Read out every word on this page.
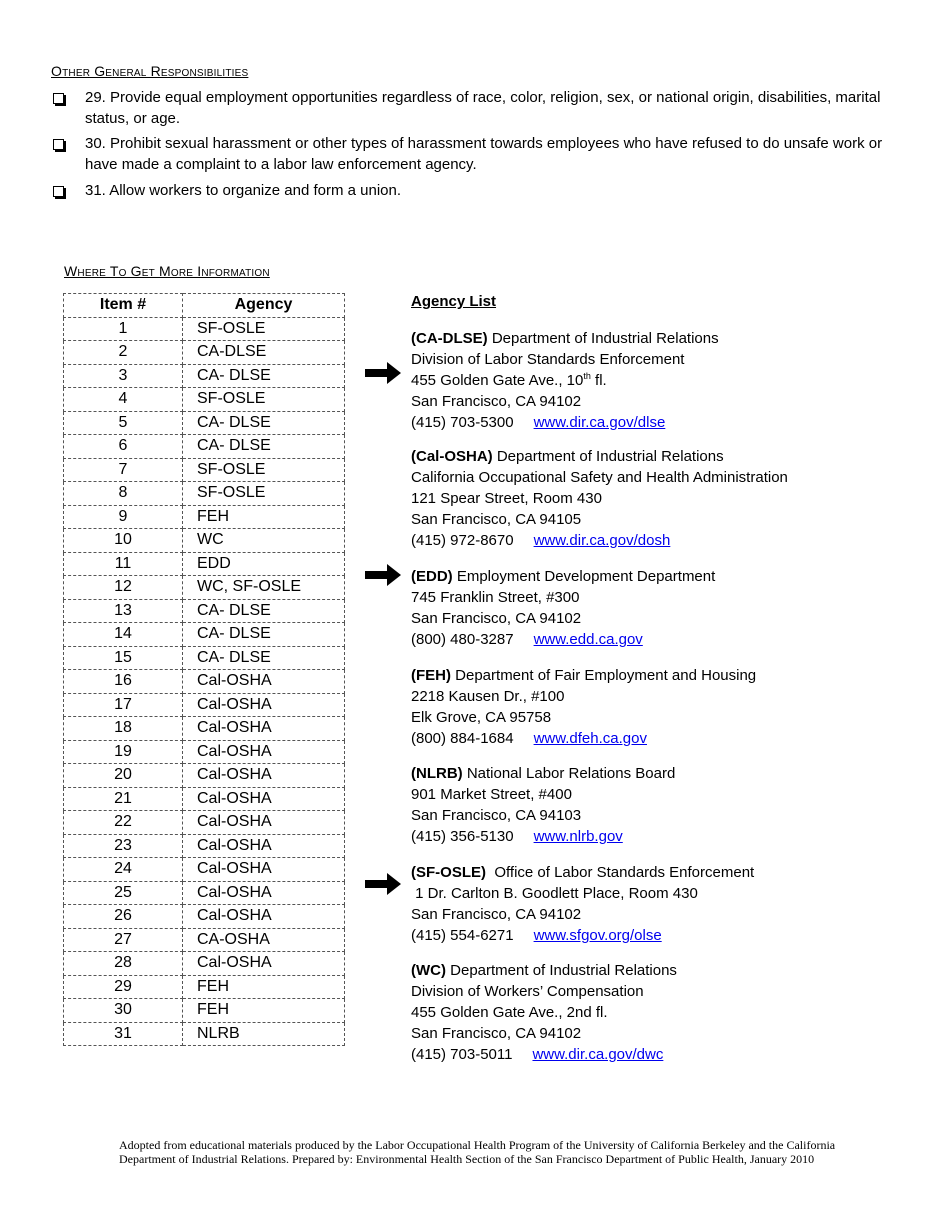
Other General Responsibilities
29. Provide equal employment opportunities regardless of race, color, religion, sex, or national origin, disabilities, marital status, or age.
30. Prohibit sexual harassment or other types of harassment towards employees who have refused to do unsafe work or have made a complaint to a labor law enforcement agency.
31. Allow workers to organize and form a union.
Where To Get More Information
Item #	Agency
1	SF-OSLE
2	CA-DLSE
3	CA- DLSE
4	SF-OSLE
5	CA- DLSE
6	CA- DLSE
7	SF-OSLE
8	SF-OSLE
9	FEH
10	WC
11	EDD
12	WC, SF-OSLE
13	CA- DLSE
14	CA- DLSE
15	CA- DLSE
16	Cal-OSHA
17	Cal-OSHA
18	Cal-OSHA
19	Cal-OSHA
20	Cal-OSHA
21	Cal-OSHA
22	Cal-OSHA
23	Cal-OSHA
24	Cal-OSHA
25	Cal-OSHA
26	Cal-OSHA
27	CA-OSHA
28	Cal-OSHA
29	FEH
30	FEH
31	NLRB
Agency List
(CA-DLSE) Department of Industrial Relations
Division of Labor Standards Enforcement
455 Golden Gate Ave., 10th fl.
San Francisco, CA 94102
(415) 703-5300 www.dir.ca.gov/dlse
(Cal-OSHA) Department of Industrial Relations
California Occupational Safety and Health Administration
121 Spear Street, Room 430
San Francisco, CA 94105
(415) 972-8670 www.dir.ca.gov/dosh
(EDD) Employment Development Department
745 Franklin Street, #300
San Francisco, CA 94102
(800) 480-3287 www.edd.ca.gov
(FEH) Department of Fair Employment and Housing
2218 Kausen Dr., #100
Elk Grove, CA 95758
(800) 884-1684 www.dfeh.ca.gov
(NLRB) National Labor Relations Board
901 Market Street, #400
San Francisco, CA 94103
(415) 356-5130 www.nlrb.gov
(SF-OSLE)  Office of Labor Standards Enforcement
1 Dr. Carlton B. Goodlett Place, Room 430
San Francisco, CA 94102
(415) 554-6271 www.sfgov.org/olse
(WC) Department of Industrial Relations
Division of Workers’ Compensation
455 Golden Gate Ave., 2nd fl.
San Francisco, CA 94102
(415) 703-5011 www.dir.ca.gov/dwc
Adopted from educational materials produced by the Labor Occupational Health Program of the University of California Berkeley and the California Department of Industrial Relations. Prepared by: Environmental Health Section of the San Francisco Department of Public Health, January 2010
